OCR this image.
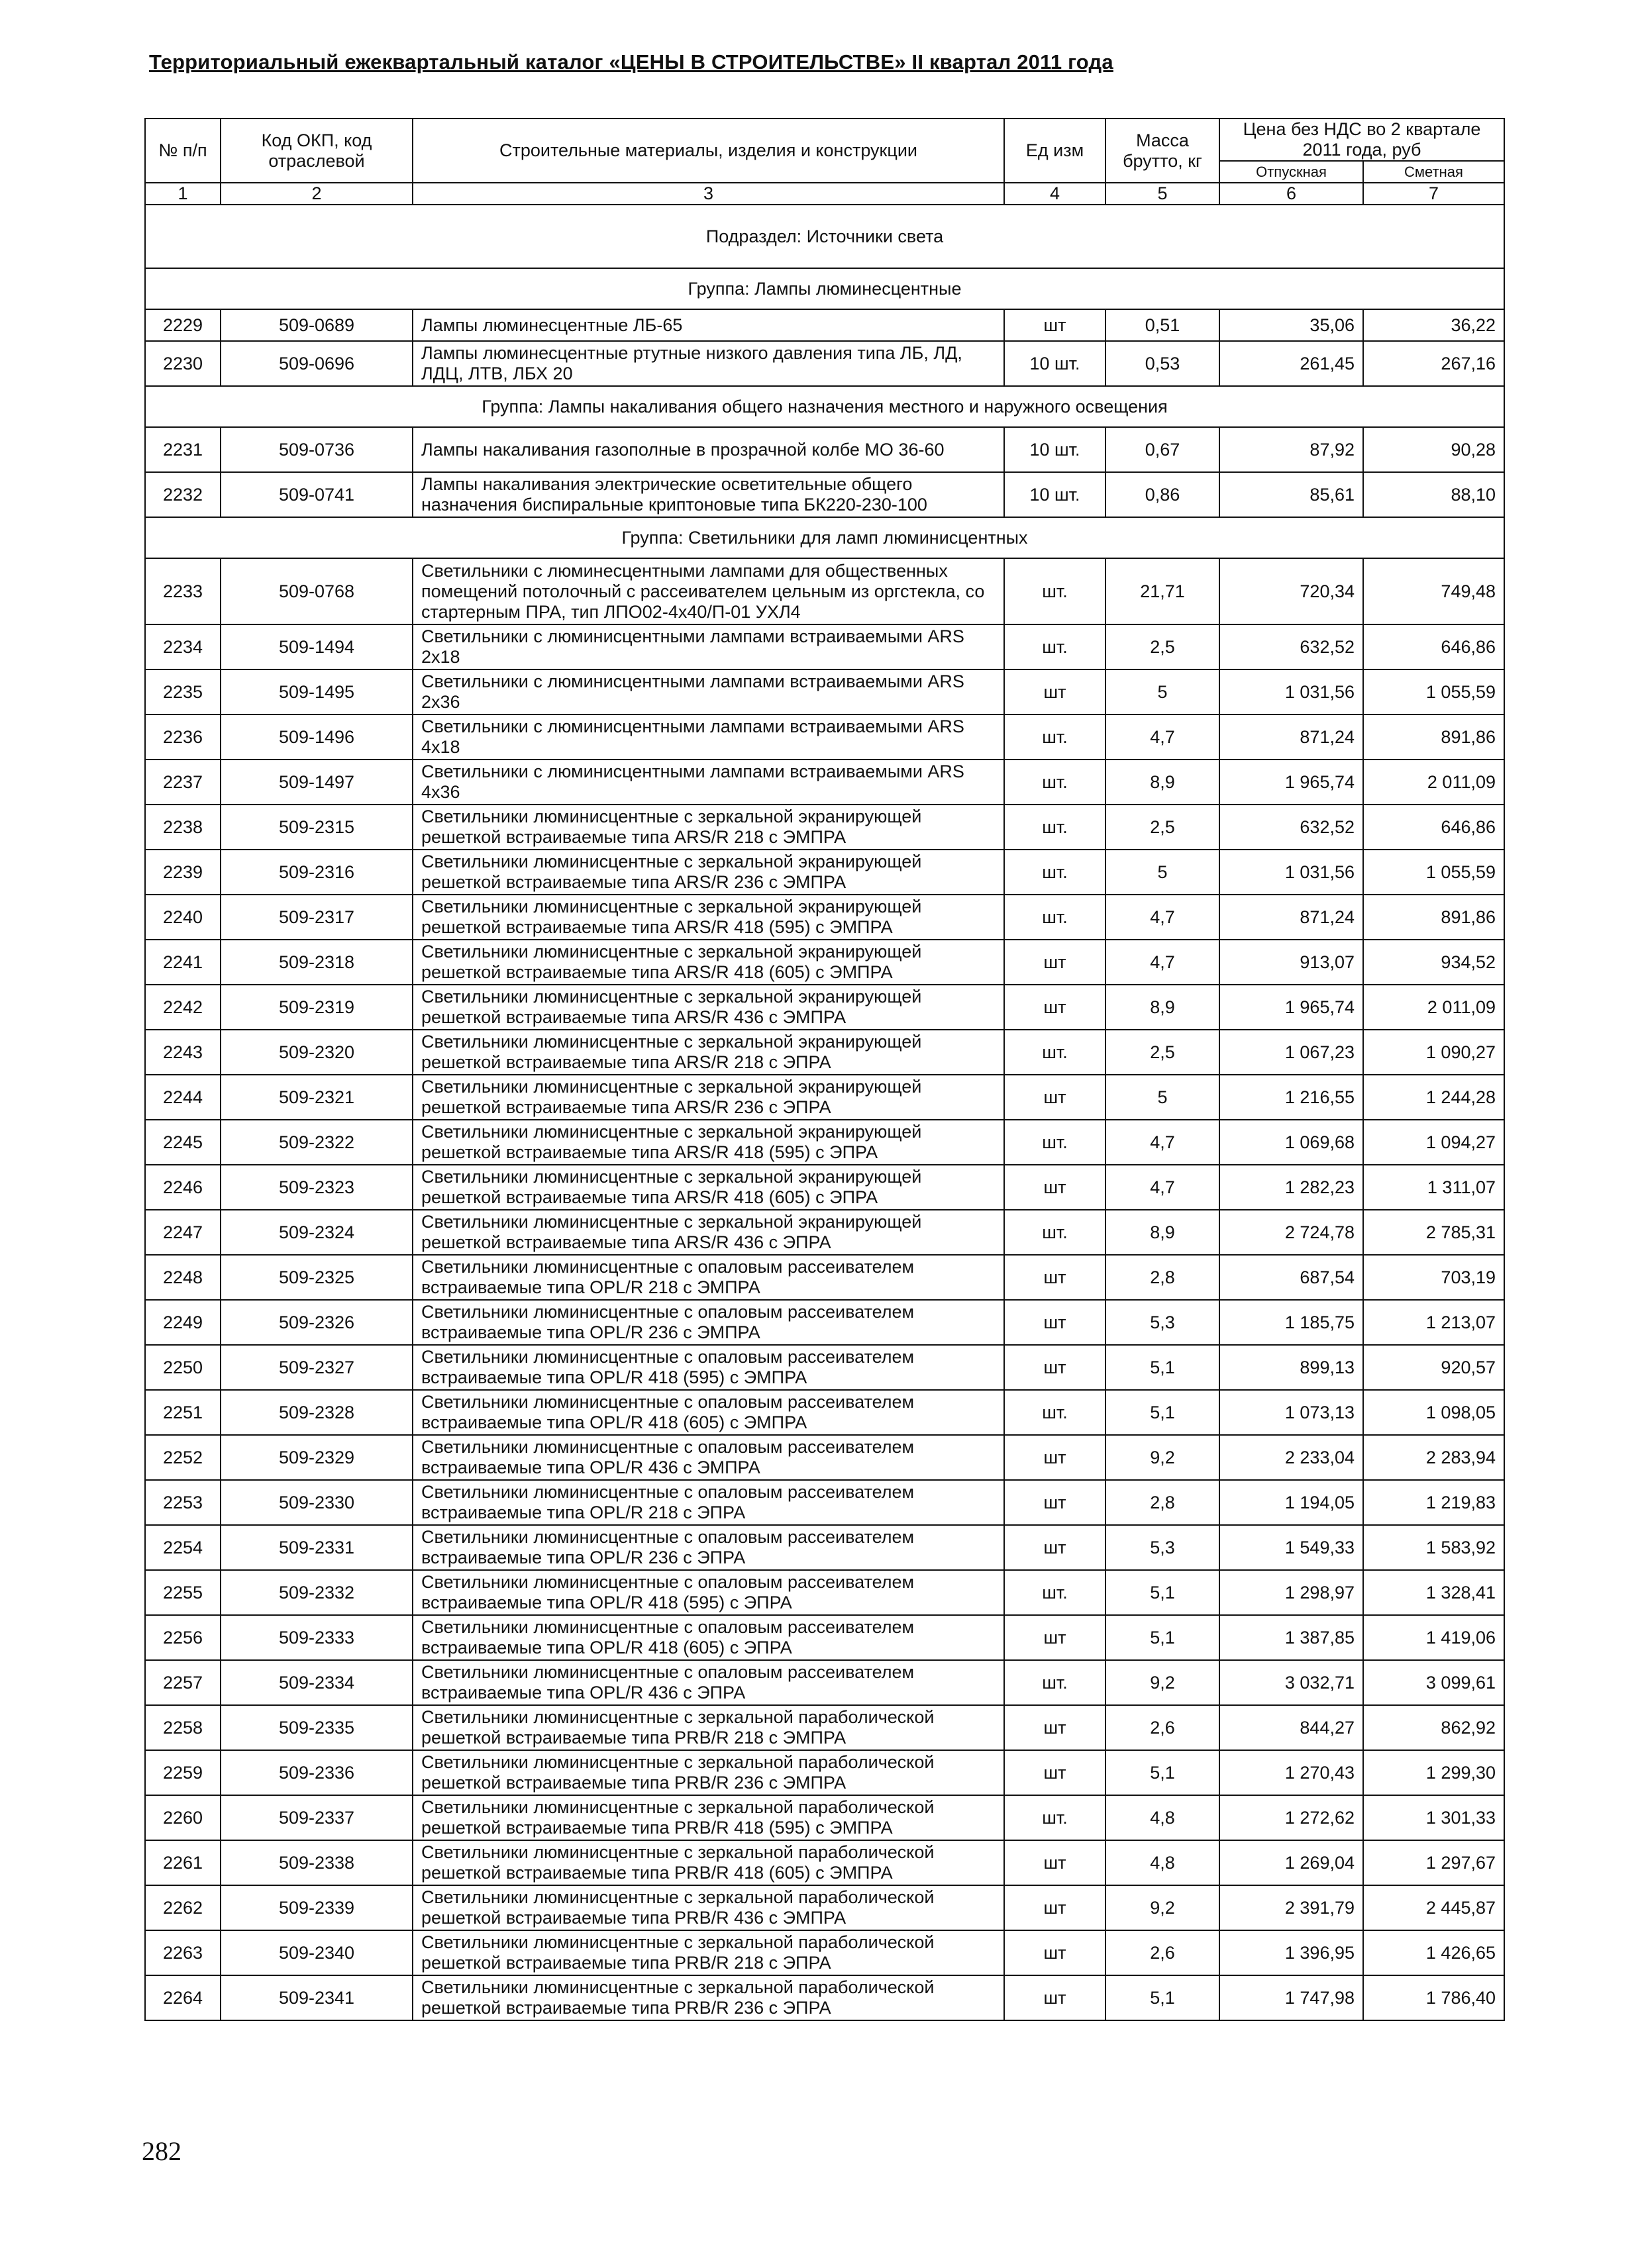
Территориальный ежеквартальный каталог «ЦЕНЫ В СТРОИТЕЛЬСТВЕ» II квартал 2011 года
№ п/п	Код ОКП, код отраслевой	Строительные материалы, изделия и конструкции	Ед изм	Масса брутто, кг	Цена без НДС во 2 квартале 2011 года, руб	
					Отпускная	Сметная
1	2	3	4	5	6	7
Подраздел: Источники света						
Группа: Лампы люминесцентные						
2229	509-0689	Лампы люминесцентные ЛБ-65	шт	0,51	35,06	36,22
2230	509-0696	Лампы люминесцентные ртутные низкого давления типа ЛБ, ЛД, ЛДЦ, ЛТВ, ЛБХ 20	10 шт.	0,53	261,45	267,16
Группа: Лампы накаливания общего назначения местного и наружного освещения						
2231	509-0736	Лампы накаливания газополные в прозрачной колбе МО 36-60	10 шт.	0,67	87,92	90,28
2232	509-0741	Лампы накаливания электрические осветительные общего назначения биспиральные криптоновые типа БК220-230-100	10 шт.	0,86	85,61	88,10
Группа: Светильники для ламп люминисцентных						
2233	509-0768	Светильники с люминесцентными лампами для общественных помещений потолочный с рассеивателем цельным из оргстекла, со стартерным ПРА, тип ЛПО02-4х40/П-01 УХЛ4	шт.	21,71	720,34	749,48
2234	509-1494	Светильники с люминисцентными лампами встраиваемыми ARS 2x18	шт.	2,5	632,52	646,86
2235	509-1495	Светильники с люминисцентными лампами встраиваемыми ARS 2x36	шт	5	1 031,56	1 055,59
2236	509-1496	Светильники с люминисцентными лампами встраиваемыми ARS 4x18	шт.	4,7	871,24	891,86
2237	509-1497	Светильники с люминисцентными лампами встраиваемыми ARS 4x36	шт.	8,9	1 965,74	2 011,09
2238	509-2315	Светильники люминисцентные с зеркальной экранирующей решеткой встраиваемые типа ARS/R 218 с ЭМПРА	шт.	2,5	632,52	646,86
2239	509-2316	Светильники люминисцентные с зеркальной экранирующей решеткой встраиваемые типа ARS/R 236 с ЭМПРА	шт.	5	1 031,56	1 055,59
2240	509-2317	Светильники люминисцентные с зеркальной экранирующей решеткой встраиваемые типа ARS/R 418 (595) с ЭМПРА	шт.	4,7	871,24	891,86
2241	509-2318	Светильники люминисцентные с зеркальной экранирующей решеткой встраиваемые типа ARS/R 418 (605) с ЭМПРА	шт	4,7	913,07	934,52
2242	509-2319	Светильники люминисцентные с зеркальной экранирующей решеткой встраиваемые типа ARS/R 436 с ЭМПРА	шт	8,9	1 965,74	2 011,09
2243	509-2320	Светильники люминисцентные с зеркальной экранирующей решеткой встраиваемые типа ARS/R 218 с ЭПРА	шт.	2,5	1 067,23	1 090,27
2244	509-2321	Светильники люминисцентные с зеркальной экранирующей решеткой встраиваемые типа ARS/R 236 с ЭПРА	шт	5	1 216,55	1 244,28
2245	509-2322	Светильники люминисцентные с зеркальной экранирующей решеткой встраиваемые типа ARS/R 418 (595) с ЭПРА	шт.	4,7	1 069,68	1 094,27
2246	509-2323	Светильники люминисцентные с зеркальной экранирующей решеткой встраиваемые типа ARS/R 418 (605) с ЭПРА	шт	4,7	1 282,23	1 311,07
2247	509-2324	Светильники люминисцентные с зеркальной экранирующей решеткой встраиваемые типа ARS/R 436 с ЭПРА	шт.	8,9	2 724,78	2 785,31
2248	509-2325	Светильники люминисцентные с опаловым рассеивателем встраиваемые типа OPL/R 218 с ЭМПРА	шт	2,8	687,54	703,19
2249	509-2326	Светильники люминисцентные с опаловым рассеивателем встраиваемые типа OPL/R 236 с ЭМПРА	шт	5,3	1 185,75	1 213,07
2250	509-2327	Светильники люминисцентные с опаловым рассеивателем встраиваемые типа OPL/R 418 (595) с ЭМПРА	шт	5,1	899,13	920,57
2251	509-2328	Светильники люминисцентные с опаловым рассеивателем встраиваемые типа OPL/R 418 (605) с ЭМПРА	шт.	5,1	1 073,13	1 098,05
2252	509-2329	Светильники люминисцентные с опаловым рассеивателем встраиваемые типа OPL/R 436 с ЭМПРА	шт	9,2	2 233,04	2 283,94
2253	509-2330	Светильники люминисцентные с опаловым рассеивателем встраиваемые типа OPL/R 218 с ЭПРА	шт	2,8	1 194,05	1 219,83
2254	509-2331	Светильники люминисцентные с опаловым рассеивателем встраиваемые типа OPL/R 236 с ЭПРА	шт	5,3	1 549,33	1 583,92
2255	509-2332	Светильники люминисцентные с опаловым рассеивателем встраиваемые типа OPL/R 418 (595) с ЭПРА	шт.	5,1	1 298,97	1 328,41
2256	509-2333	Светильники люминисцентные с опаловым рассеивателем встраиваемые типа OPL/R 418 (605) с ЭПРА	шт	5,1	1 387,85	1 419,06
2257	509-2334	Светильники люминисцентные с опаловым рассеивателем встраиваемые типа OPL/R 436 с ЭПРА	шт.	9,2	3 032,71	3 099,61
2258	509-2335	Светильники люминисцентные с зеркальной параболической решеткой встраиваемые типа PRB/R 218 с ЭМПРА	шт	2,6	844,27	862,92
2259	509-2336	Светильники люминисцентные с зеркальной параболической решеткой встраиваемые типа PRB/R 236 с ЭМПРА	шт	5,1	1 270,43	1 299,30
2260	509-2337	Светильники люминисцентные с зеркальной параболической решеткой встраиваемые типа PRB/R 418 (595) с ЭМПРА	шт.	4,8	1 272,62	1 301,33
2261	509-2338	Светильники люминисцентные с зеркальной параболической решеткой встраиваемые типа PRB/R 418 (605) с ЭМПРА	шт	4,8	1 269,04	1 297,67
2262	509-2339	Светильники люминисцентные с зеркальной параболической решеткой встраиваемые типа PRB/R 436 с ЭМПРА	шт	9,2	2 391,79	2 445,87
2263	509-2340	Светильники люминисцентные с зеркальной параболической решеткой встраиваемые типа PRB/R 218 с ЭПРА	шт	2,6	1 396,95	1 426,65
2264	509-2341	Светильники люминисцентные с зеркальной параболической решеткой встраиваемые типа PRB/R 236 с ЭПРА	шт	5,1	1 747,98	1 786,40
282
